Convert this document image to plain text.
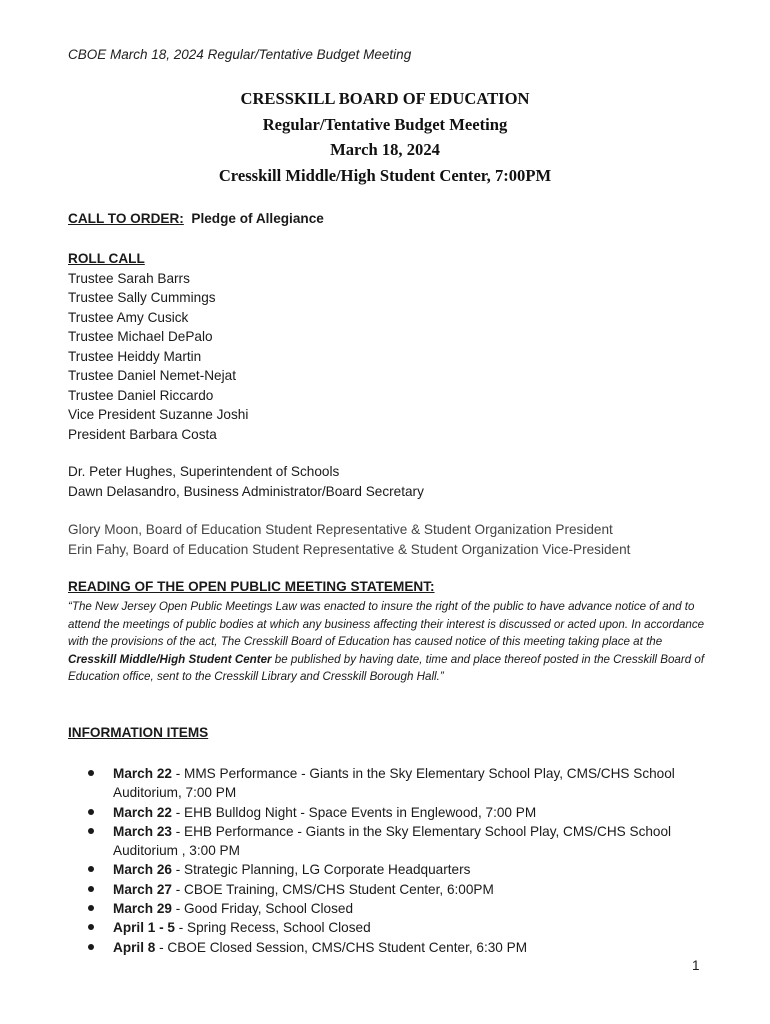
CBOE March 18, 2024 Regular/Tentative Budget Meeting
CRESSKILL BOARD OF EDUCATION
Regular/Tentative Budget Meeting
March 18, 2024
Cresskill Middle/High Student Center, 7:00PM
CALL TO ORDER: Pledge of Allegiance
ROLL CALL
Trustee Sarah Barrs
Trustee Sally Cummings
Trustee Amy Cusick
Trustee Michael DePalo
Trustee Heiddy Martin
Trustee Daniel Nemet-Nejat
Trustee Daniel Riccardo
Vice President Suzanne Joshi
President Barbara Costa
Dr. Peter Hughes, Superintendent of Schools
Dawn Delasandro, Business Administrator/Board Secretary
Glory Moon, Board of Education Student Representative & Student Organization President
Erin Fahy, Board of Education Student Representative & Student Organization Vice-President
READING OF THE OPEN PUBLIC MEETING STATEMENT:
“The New Jersey Open Public Meetings Law was enacted to insure the right of the public to have advance notice of and to attend the meetings of public bodies at which any business affecting their interest is discussed or acted upon. In accordance with the provisions of the act, The Cresskill Board of Education has caused notice of this meeting taking place at the Cresskill Middle/High Student Center be published by having date, time and place thereof posted in the Cresskill Board of Education office, sent to the Cresskill Library and Cresskill Borough Hall.”
INFORMATION ITEMS
March 22 - MMS Performance - Giants in the Sky Elementary School Play, CMS/CHS School Auditorium, 7:00 PM
March 22 - EHB Bulldog Night - Space Events in Englewood, 7:00 PM
March 23 - EHB Performance - Giants in the Sky Elementary School Play, CMS/CHS School Auditorium , 3:00 PM
March 26 - Strategic Planning, LG Corporate Headquarters
March 27 - CBOE Training, CMS/CHS Student Center, 6:00PM
March 29 - Good Friday, School Closed
April 1 - 5 - Spring Recess, School Closed
April 8 - CBOE Closed Session, CMS/CHS Student Center, 6:30 PM
1
